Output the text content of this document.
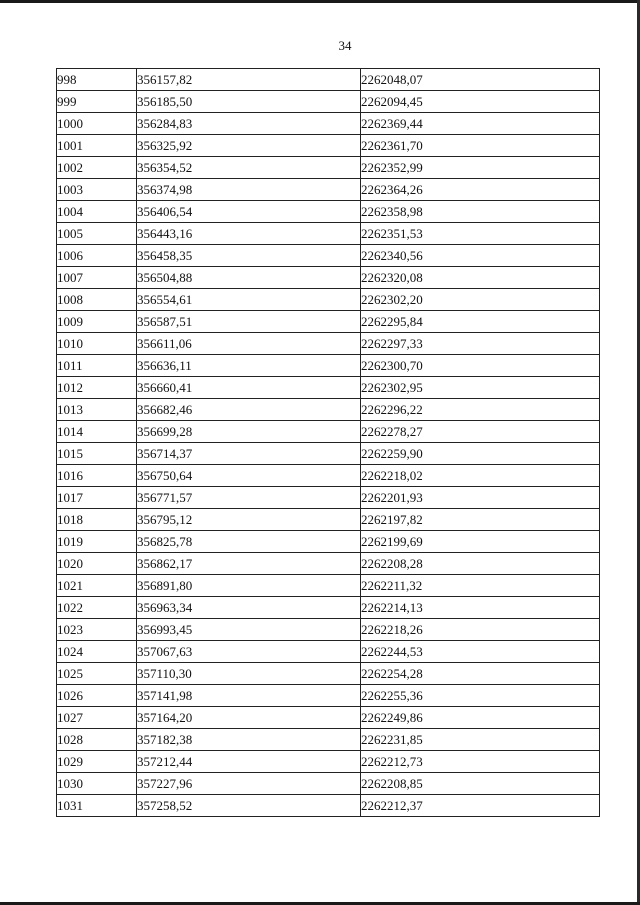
34
998	356157,82	2262048,07
999	356185,50	2262094,45
1000	356284,83	2262369,44
1001	356325,92	2262361,70
1002	356354,52	2262352,99
1003	356374,98	2262364,26
1004	356406,54	2262358,98
1005	356443,16	2262351,53
1006	356458,35	2262340,56
1007	356504,88	2262320,08
1008	356554,61	2262302,20
1009	356587,51	2262295,84
1010	356611,06	2262297,33
1011	356636,11	2262300,70
1012	356660,41	2262302,95
1013	356682,46	2262296,22
1014	356699,28	2262278,27
1015	356714,37	2262259,90
1016	356750,64	2262218,02
1017	356771,57	2262201,93
1018	356795,12	2262197,82
1019	356825,78	2262199,69
1020	356862,17	2262208,28
1021	356891,80	2262211,32
1022	356963,34	2262214,13
1023	356993,45	2262218,26
1024	357067,63	2262244,53
1025	357110,30	2262254,28
1026	357141,98	2262255,36
1027	357164,20	2262249,86
1028	357182,38	2262231,85
1029	357212,44	2262212,73
1030	357227,96	2262208,85
1031	357258,52	2262212,37
